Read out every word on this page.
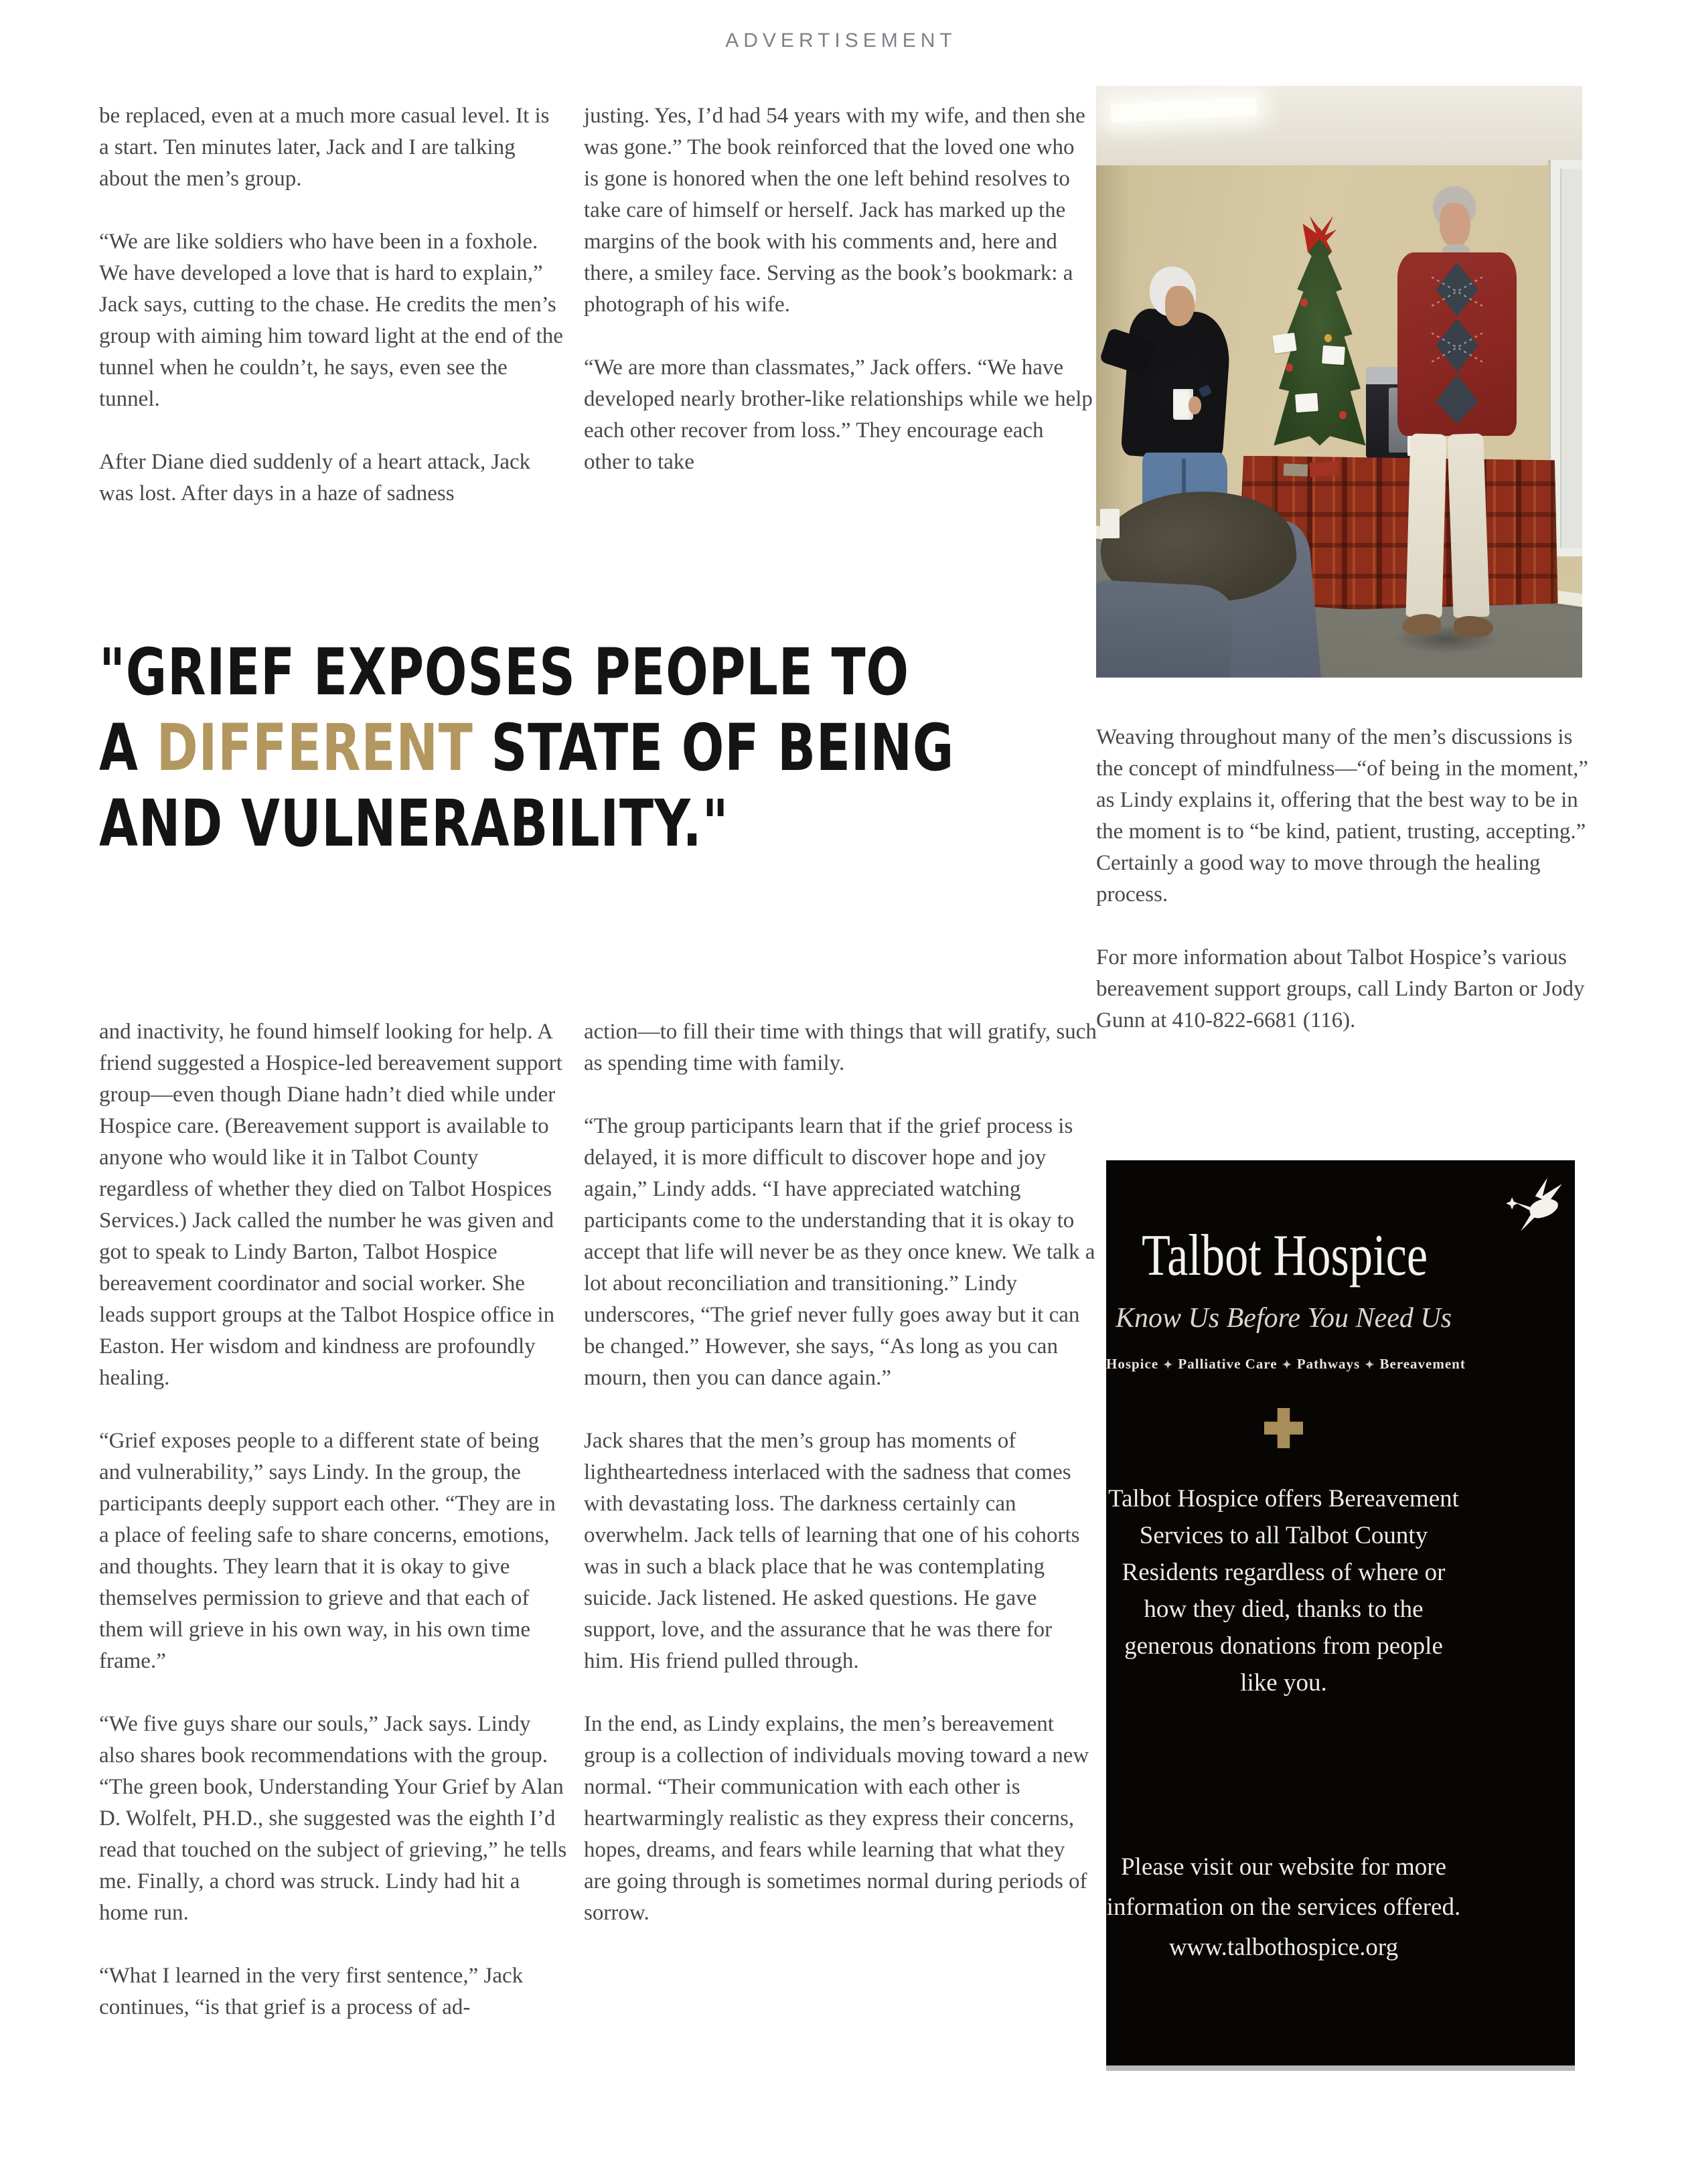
ADVERTISEMENT

be replaced, even at a much more casual level. It is a start. Ten minutes later, Jack and I are talking about the men’s group.

“We are like soldiers who have been in a foxhole. We have developed a love that is hard to explain,” Jack says, cutting to the chase. He credits the men’s group with aiming him toward light at the end of the tunnel when he couldn’t, he says, even see the tunnel.

After Diane died suddenly of a heart attack, Jack was lost. After days in a haze of sadness

justing. Yes, I’d had 54 years with my wife, and then she was gone.” The book reinforced that the loved one who is gone is honored when the one left behind resolves to take care of himself or herself. Jack has marked up the margins of the book with his comments and, here and there, a smiley face. Serving as the book’s bookmark: a photograph of his wife.

“We are more than classmates,” Jack offers. “We have developed nearly brother-like relationships while we help each other recover from loss.” They encourage each other to take

"GRIEF EXPOSES PEOPLE TO
A DIFFERENT STATE OF BEING
AND VULNERABILITY."

Weaving throughout many of the men’s discussions is the concept of mindfulness—“of being in the moment,” as Lindy explains it, offering that the best way to be in the moment is to “be kind, patient, trusting, accepting.” Certainly a good way to move through the healing process.

For more information about Talbot Hospice’s various bereavement support groups, call Lindy Barton or Jody Gunn at 410-822-6681 (116).

and inactivity, he found himself looking for help. A friend suggested a Hospice-led bereavement support group—even though Diane hadn’t died while under Hospice care. (Bereavement support is available to anyone who would like it in Talbot County regardless of whether they died on Talbot Hospices Services.) Jack called the number he was given and got to speak to Lindy Barton, Talbot Hospice bereavement coordinator and social worker. She leads support groups at the Talbot Hospice office in Easton. Her wisdom and kindness are profoundly healing.

“Grief exposes people to a different state of being and vulnerability,” says Lindy. In the group, the participants deeply support each other. “They are in a place of feeling safe to share concerns, emotions, and thoughts. They learn that it is okay to give themselves permission to grieve and that each of them will grieve in his own way, in his own time frame.”

“We five guys share our souls,” Jack says. Lindy also shares book recommendations with the group. “The green book, Understanding Your Grief by Alan D. Wolfelt, PH.D., she suggested was the eighth I’d read that touched on the subject of grieving,” he tells me. Finally, a chord was struck. Lindy had hit a home run.

“What I learned in the very first sentence,” Jack continues, “is that grief is a process of ad-

action—to fill their time with things that will gratify, such as spending time with family.

“The group participants learn that if the grief process is delayed, it is more difficult to discover hope and joy again,” Lindy adds. “I have appreciated watching participants come to the understanding that it is okay to accept that life will never be as they once knew. We talk a lot about reconciliation and transitioning.” Lindy underscores, “The grief never fully goes away but it can be changed.” However, she says, “As long as you can mourn, then you can dance again.”

Jack shares that the men’s group has moments of lightheartedness interlaced with the sadness that comes with devastating loss. The darkness certainly can overwhelm. Jack tells of learning that one of his cohorts was in such a black place that he was contemplating suicide. Jack listened. He asked questions. He gave support, love, and the assurance that he was there for him. His friend pulled through.

In the end, as Lindy explains, the men’s bereavement group is a collection of individuals moving toward a new normal. “Their communication with each other is heartwarmingly realistic as they express their concerns, hopes, dreams, and fears while learning that what they are going through is sometimes normal during periods of sorrow.

Talbot Hospice
Know Us Before You Need Us
Hospice ✦ Palliative Care ✦ Pathways ✦ Bereavement
Talbot Hospice offers Bereavement Services to all Talbot County Residents regardless of where or how they died, thanks to the generous donations from people like you.
Please visit our website for more information on the services offered.
www.talbothospice.org
